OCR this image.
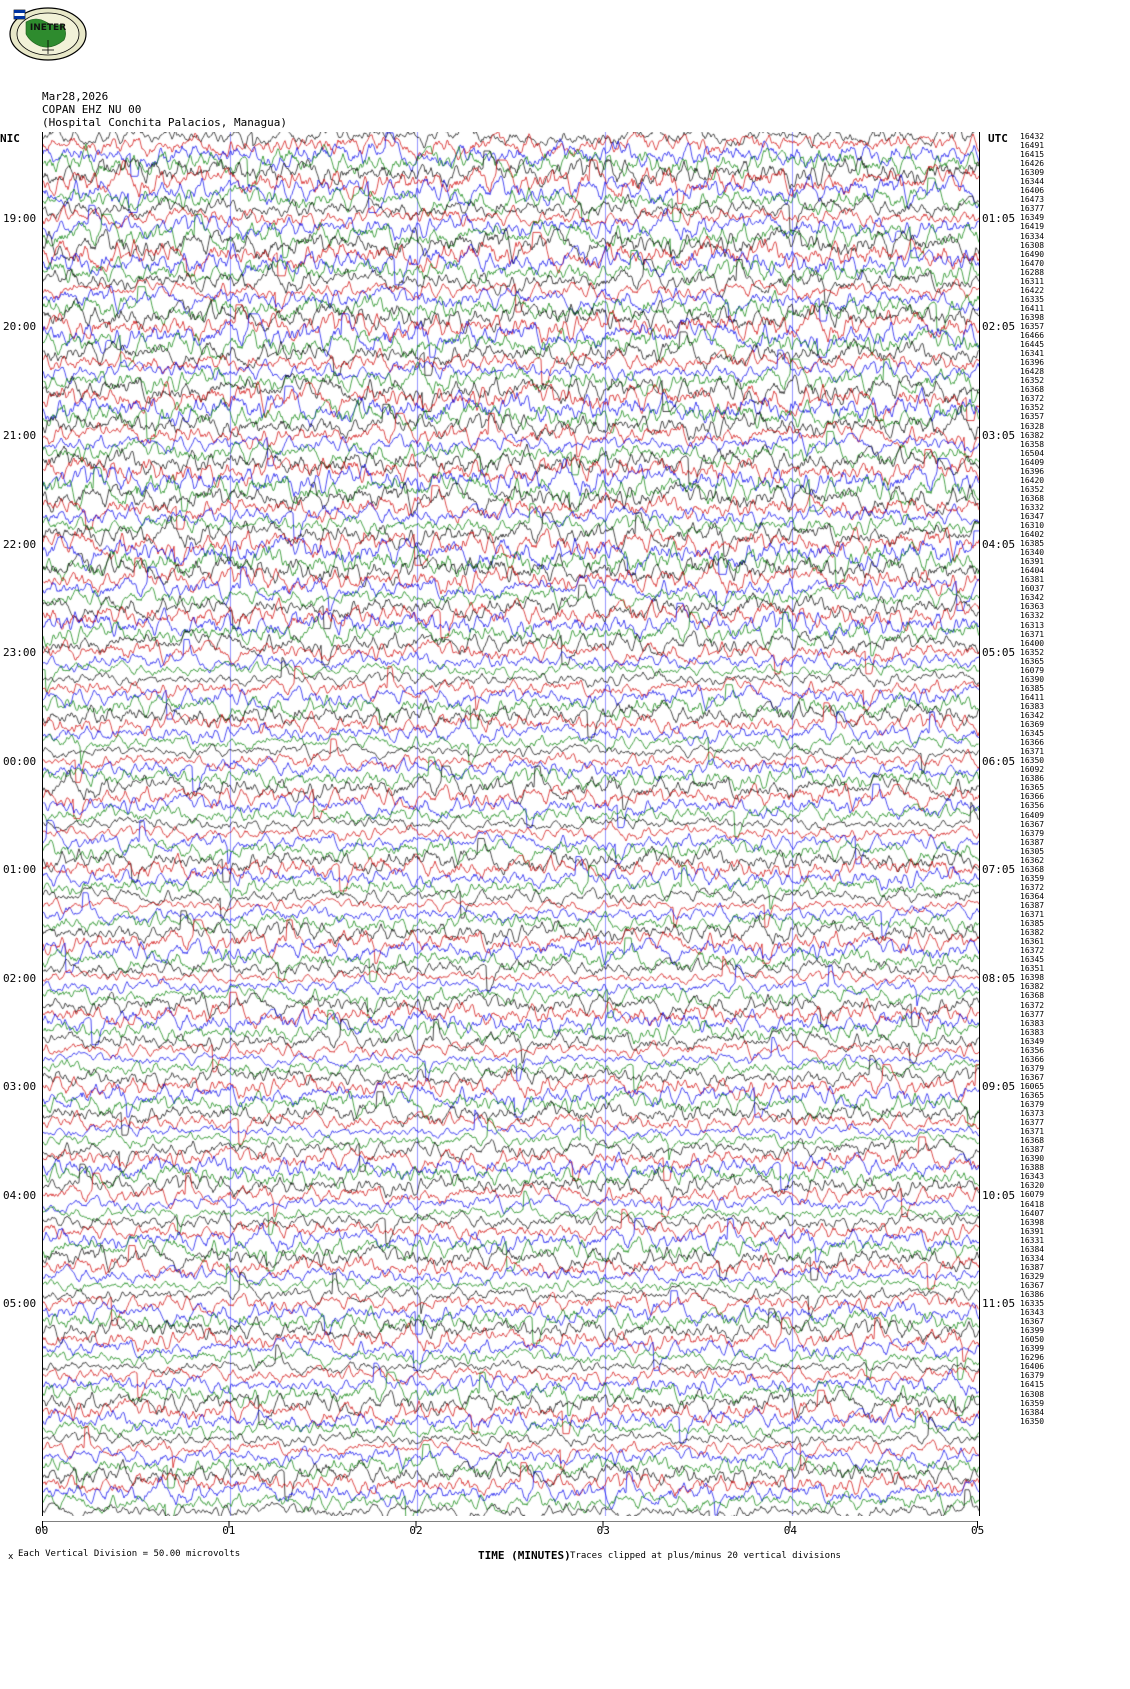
INETER
Mar28,2026
COPAN EHZ NU 00
(Hospital Conchita Palacios, Managua)
NIC	UTC
19:00
20:00
21:00
22:00
23:00
00:00
01:00
02:00
03:00
04:00
05:00
01:05
02:05
03:05
04:05
05:05
06:05
07:05
08:05
09:05
10:05
11:05
16432
16491
16415
16426
16309
16344
16406
16473
16377
16349
16419
16334
16308
16490
16470
16288
16311
16422
16335
16411
16398
16357
16466
16445
16341
16396
16428
16352
16368
16372
16352
16357
16328
16382
16358
16504
16409
16396
16420
16352
16368
16332
16347
16310
16402
16385
16340
16391
16404
16381
16037
16342
16363
16332
16313
16371
16400
16352
16365
16079
16390
16385
16411
16383
16342
16369
16345
16366
16371
16350
16092
16386
16365
16366
16356
16409
16367
16379
16387
16305
16362
16368
16359
16372
16364
16387
16371
16385
16382
16361
16372
16345
16351
16398
16382
16368
16372
16377
16383
16383
16349
16356
16366
16379
16367
16065
16365
16379
16373
16377
16371
16368
16387
16390
16388
16343
16320
16079
16418
16407
16398
16391
16331
16384
16334
16387
16329
16367
16386
16335
16343
16367
16399
16050
16399
16296
16406
16379
16415
16308
16359
16384
16350
00	01	02	03	04	05
Each Vertical Division = 50.00 microvolts
x	TIME (MINUTES) Traces clipped at plus/minus 20 vertical divisions
